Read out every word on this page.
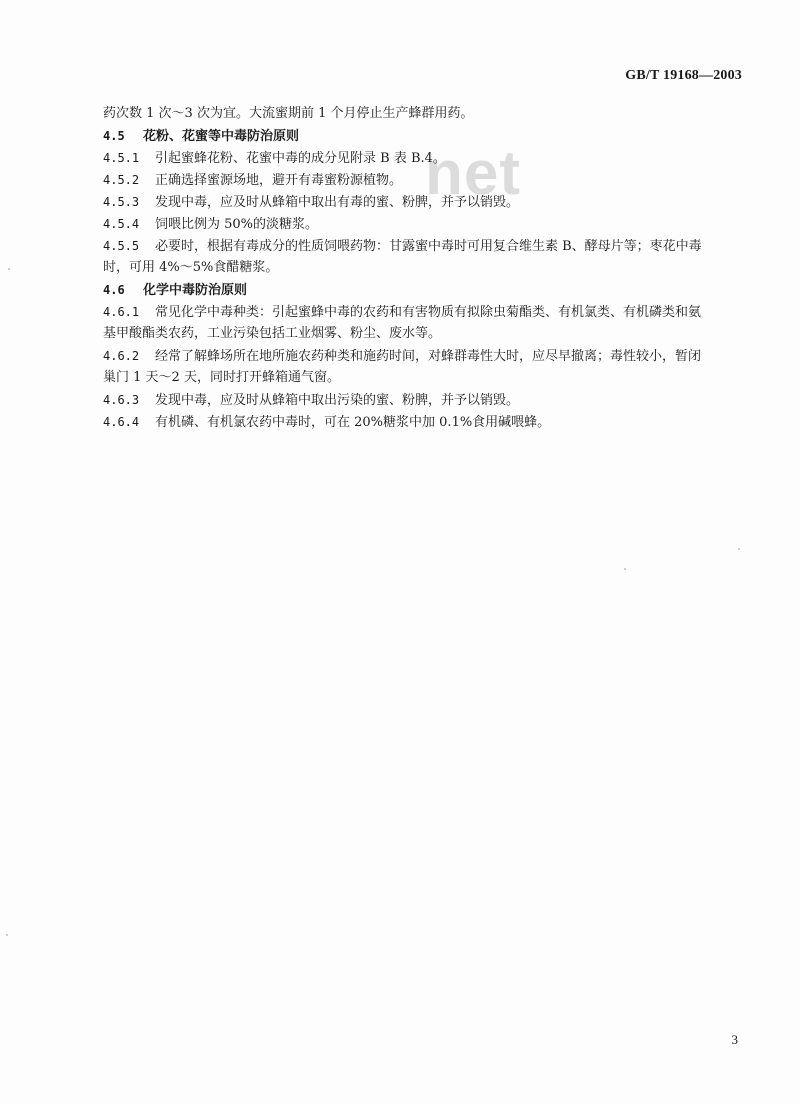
GB/T 19168—2003
net
药次数 1 次～3 次为宜。大流蜜期前 1 个月停止生产蜂群用药。
4.5 花粉、花蜜等中毒防治原则
4.5.1 引起蜜蜂花粉、花蜜中毒的成分见附录 B 表 B.4。
4.5.2 正确选择蜜源场地，避开有毒蜜粉源植物。
4.5.3 发现中毒，应及时从蜂箱中取出有毒的蜜、粉脾，并予以销毁。
4.5.4 饲喂比例为 50%的淡糖浆。
4.5.5 必要时，根据有毒成分的性质饲喂药物：甘露蜜中毒时可用复合维生素 B、酵母片等；枣花中毒
时，可用 4%～5%食醋糖浆。
4.6 化学中毒防治原则
4.6.1 常见化学中毒种类：引起蜜蜂中毒的农药和有害物质有拟除虫菊酯类、有机氯类、有机磷类和氨
基甲酸酯类农药，工业污染包括工业烟雾、粉尘、废水等。
4.6.2 经常了解蜂场所在地所施农药种类和施药时间，对蜂群毒性大时，应尽早撤离；毒性较小，暂闭
巢门 1 天～2 天，同时打开蜂箱通气窗。
4.6.3 发现中毒，应及时从蜂箱中取出污染的蜜、粉脾，并予以销毁。
4.6.4 有机磷、有机氯农药中毒时，可在 20%糖浆中加 0.1%食用碱喂蜂。
3
